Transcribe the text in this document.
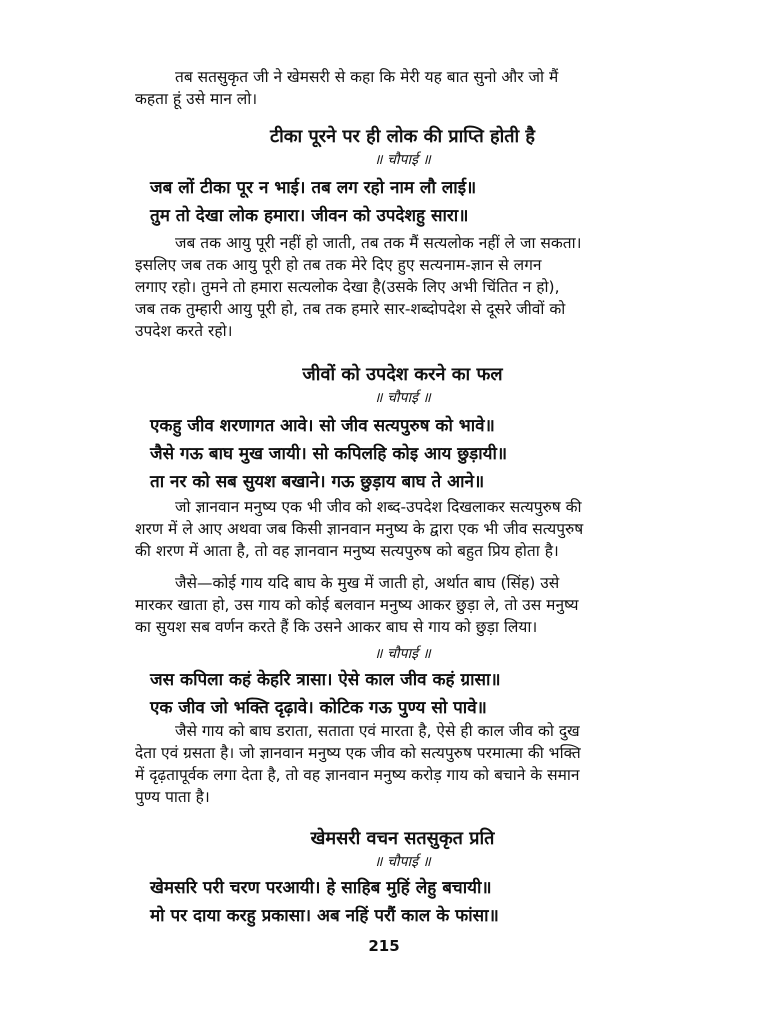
तब सतसुकृत जी ने खेमसरी से कहा कि मेरी यह बात सुनो और जो मैं
कहता हूं उसे मान लो।

टीका पूरने पर ही लोक की प्राप्ति होती है

॥ चौपाई ॥

जब लों टीका पूर न भाई। तब लग रहो नाम लौ लाई॥
तुम तो देखा लोक हमारा। जीवन को उपदेशहु सारा॥

जब तक आयु पूरी नहीं हो जाती, तब तक मैं सत्यलोक नहीं ले जा सकता।
इसलिए जब तक आयु पूरी हो तब तक मेरे दिए हुए सत्यनाम-ज्ञान से लगन
लगाए रहो। तुमने तो हमारा सत्यलोक देखा है(उसके लिए अभी चिंतित न हो),
जब तक तुम्हारी आयु पूरी हो, तब तक हमारे सार-शब्दोपदेश से दूसरे जीवों को
उपदेश करते रहो।

जीवों को उपदेश करने का फल

॥ चौपाई ॥

एकहु जीव शरणागत आवे। सो जीव सत्यपुरुष को भावे॥
जैसे गऊ बाघ मुख जायी। सो कपिलहि कोइ आय छुड़ायी॥
ता नर को सब सुयश बखाने। गऊ छुड़ाय बाघ ते आने॥

जो ज्ञानवान मनुष्य एक भी जीव को शब्द-उपदेश दिखलाकर सत्यपुरुष की
शरण में ले आए अथवा जब किसी ज्ञानवान मनुष्य के द्वारा एक भी जीव सत्यपुरुष
की शरण में आता है, तो वह ज्ञानवान मनुष्य सत्यपुरुष को बहुत प्रिय होता है।

जैसे—कोई गाय यदि बाघ के मुख में जाती हो, अर्थात बाघ (सिंह) उसे
मारकर खाता हो, उस गाय को कोई बलवान मनुष्य आकर छुड़ा ले, तो उस मनुष्य
का सुयश सब वर्णन करते हैं कि उसने आकर बाघ से गाय को छुड़ा लिया।

॥ चौपाई ॥

जस कपिला कहं केहरि त्रासा। ऐसे काल जीव कहं ग्रासा॥
एक जीव जो भक्ति दृढ़ावे। कोटिक गऊ पुण्य सो पावे॥

जैसे गाय को बाघ डराता, सताता एवं मारता है, ऐसे ही काल जीव को दुख
देता एवं ग्रसता है। जो ज्ञानवान मनुष्य एक जीव को सत्यपुरुष परमात्मा की भक्ति
में दृढ़तापूर्वक लगा देता है, तो वह ज्ञानवान मनुष्य करोड़ गाय को बचाने के समान
पुण्य पाता है।

खेमसरी वचन सतसुकृत प्रति

॥ चौपाई ॥

खेमसरि परी चरण परआयी। हे साहिब मुहिं लेहु बचायी॥
मो पर दाया करहु प्रकासा। अब नहिं परौं काल के फांसा॥

215
